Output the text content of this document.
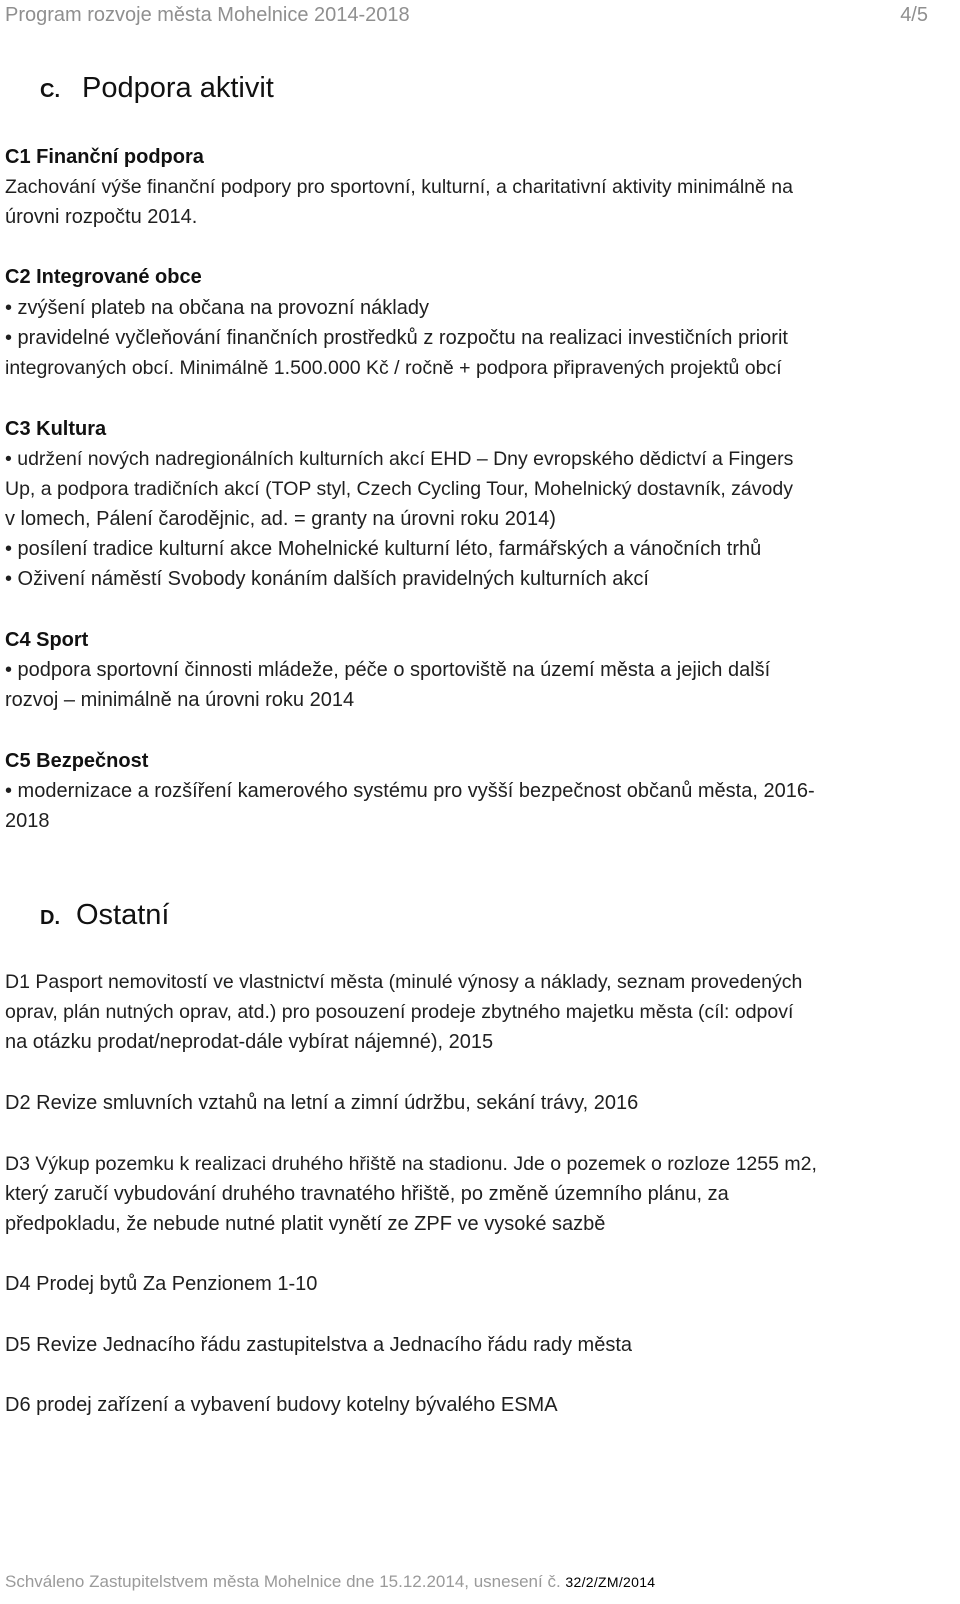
Program rozvoje města Mohelnice 2014-2018	4/5
C. Podpora aktivit
C1 Finanční podpora
Zachování výše finanční podpory pro sportovní, kulturní, a charitativní aktivity minimálně na
úrovni rozpočtu 2014.
C2 Integrované obce
• zvýšení plateb na občana na provozní náklady
• pravidelné vyčleňování finančních prostředků z rozpočtu na realizaci investičních priorit
integrovaných obcí. Minimálně 1.500.000 Kč / ročně + podpora připravených projektů obcí
C3 Kultura
• udržení nových nadregionálních kulturních akcí EHD – Dny evropského dědictví a Fingers
Up, a podpora tradičních akcí (TOP styl, Czech Cycling Tour, Mohelnický dostavník, závody
v lomech, Pálení čarodějnic, ad. = granty na úrovni roku 2014)
• posílení tradice kulturní akce Mohelnické kulturní léto, farmářských a vánočních trhů
• Oživení náměstí Svobody konáním dalších pravidelných kulturních akcí
C4 Sport
• podpora sportovní činnosti mládeže, péče o sportoviště na území města a jejich další
rozvoj – minimálně na úrovni roku 2014
C5 Bezpečnost
• modernizace a rozšíření kamerového systému pro vyšší bezpečnost občanů města, 2016-
2018
D. Ostatní
D1 Pasport nemovitostí ve vlastnictví města (minulé výnosy a náklady, seznam provedených
oprav, plán nutných oprav, atd.) pro posouzení prodeje zbytného majetku města (cíl: odpoví
na otázku prodat/neprodat-dále vybírat nájemné), 2015
D2 Revize smluvních vztahů na letní a zimní údržbu, sekání trávy, 2016
D3 Výkup pozemku k realizaci druhého hřiště na stadionu. Jde o pozemek o rozloze 1255 m2,
který zaručí vybudování druhého travnatého hřiště, po změně územního plánu, za
předpokladu, že nebude nutné platit vynětí ze ZPF ve vysoké sazbě
D4 Prodej bytů Za Penzionem 1-10
D5 Revize Jednacího řádu zastupitelstva a Jednacího řádu rady města
D6 prodej zařízení a vybavení budovy kotelny bývalého ESMA
Schváleno Zastupitelstvem města Mohelnice dne 15.12.2014, usnesení č. 32/2/ZM/2014
